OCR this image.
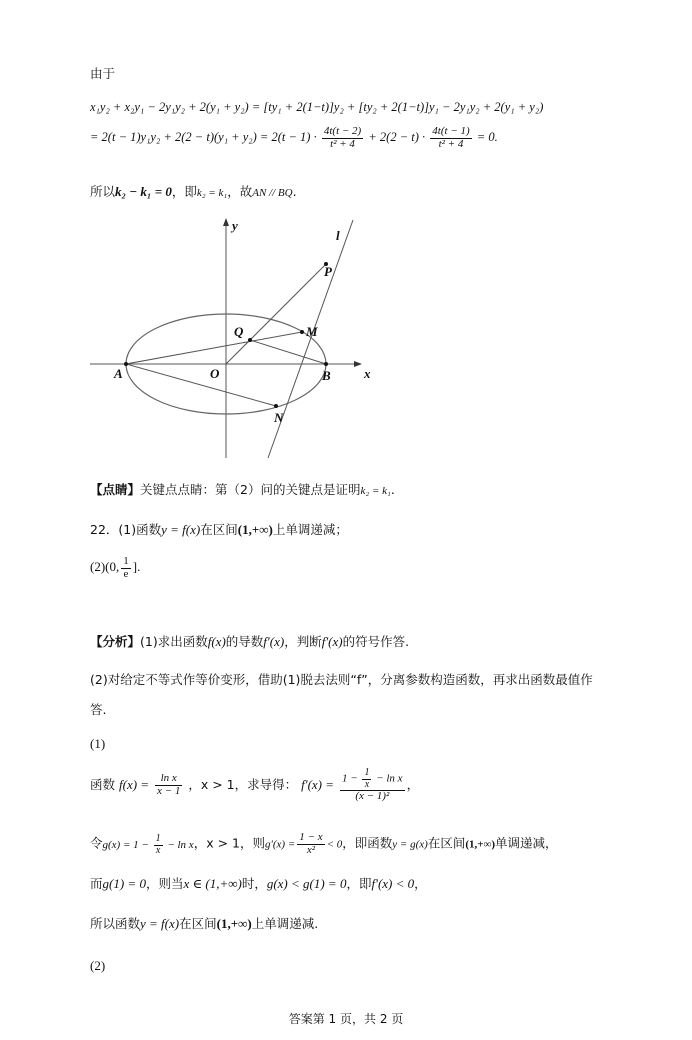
由于
x₁y₂ + x₂y₁ − 2y₁y₂ + 2(y₁ + y₂) = [ty₁ + 2(1−t)]y₂ + [ty₂ + 2(1−t)]y₁ − 2y₁y₂ + 2(y₁ + y₂)
= $2(t - 1)y_1y_2 + 2(2 - t)(y_1 + y_2) = 2(t - 1) \cdot \frac{4t(t - 2)}{\text{t² + 4}} + 2(2 - t) \cdot \frac{4t(t - 1)}{\text{t² + 4}} = 0$.
所以k₂ − k₁ = 0，即k₂ = k₁，故AN // BQ.
y
x
l
P
Q	M
A	O	B
N
【点睛】关键点点睛：第（2）问的关键点是证明k₂ = k₁.
22．(1)函数y = f(x)在区间(1,+∞)上单调递减；
(2)(0, $\frac{1}{e}$ ].
【分析】(1)求出函数f(x)的导数f′(x)，判断f′(x)的符号作答.
(2)对给定不等式作等价变形，借助(1)脱去法则“f”，分离参数构造函数，再求出函数最值作
答.
(1)
函数 $f(x) = \frac{\text{ln x}}{x - 1}$ ，x > 1，求导得： $f'(x) = \frac{1 - \frac{1}{x} - \ln x}{\text{(x − 1)²}}$ ，
令$g(x) = 1 - \frac{1}{x} - \ln x$，x > 1，则$g'(x) = \frac{1 - x}{\text{x²}} < 0$，即函数y = g(x)在区间(1,+∞)单调递减，
而g(1) = 0，则当x ∈ (1,+∞)时，g(x) < g(1) = 0，即f′(x) < 0，
所以函数y = f(x)在区间(1,+∞)上单调递减.
(2)
答案第 1 页，共 2 页
